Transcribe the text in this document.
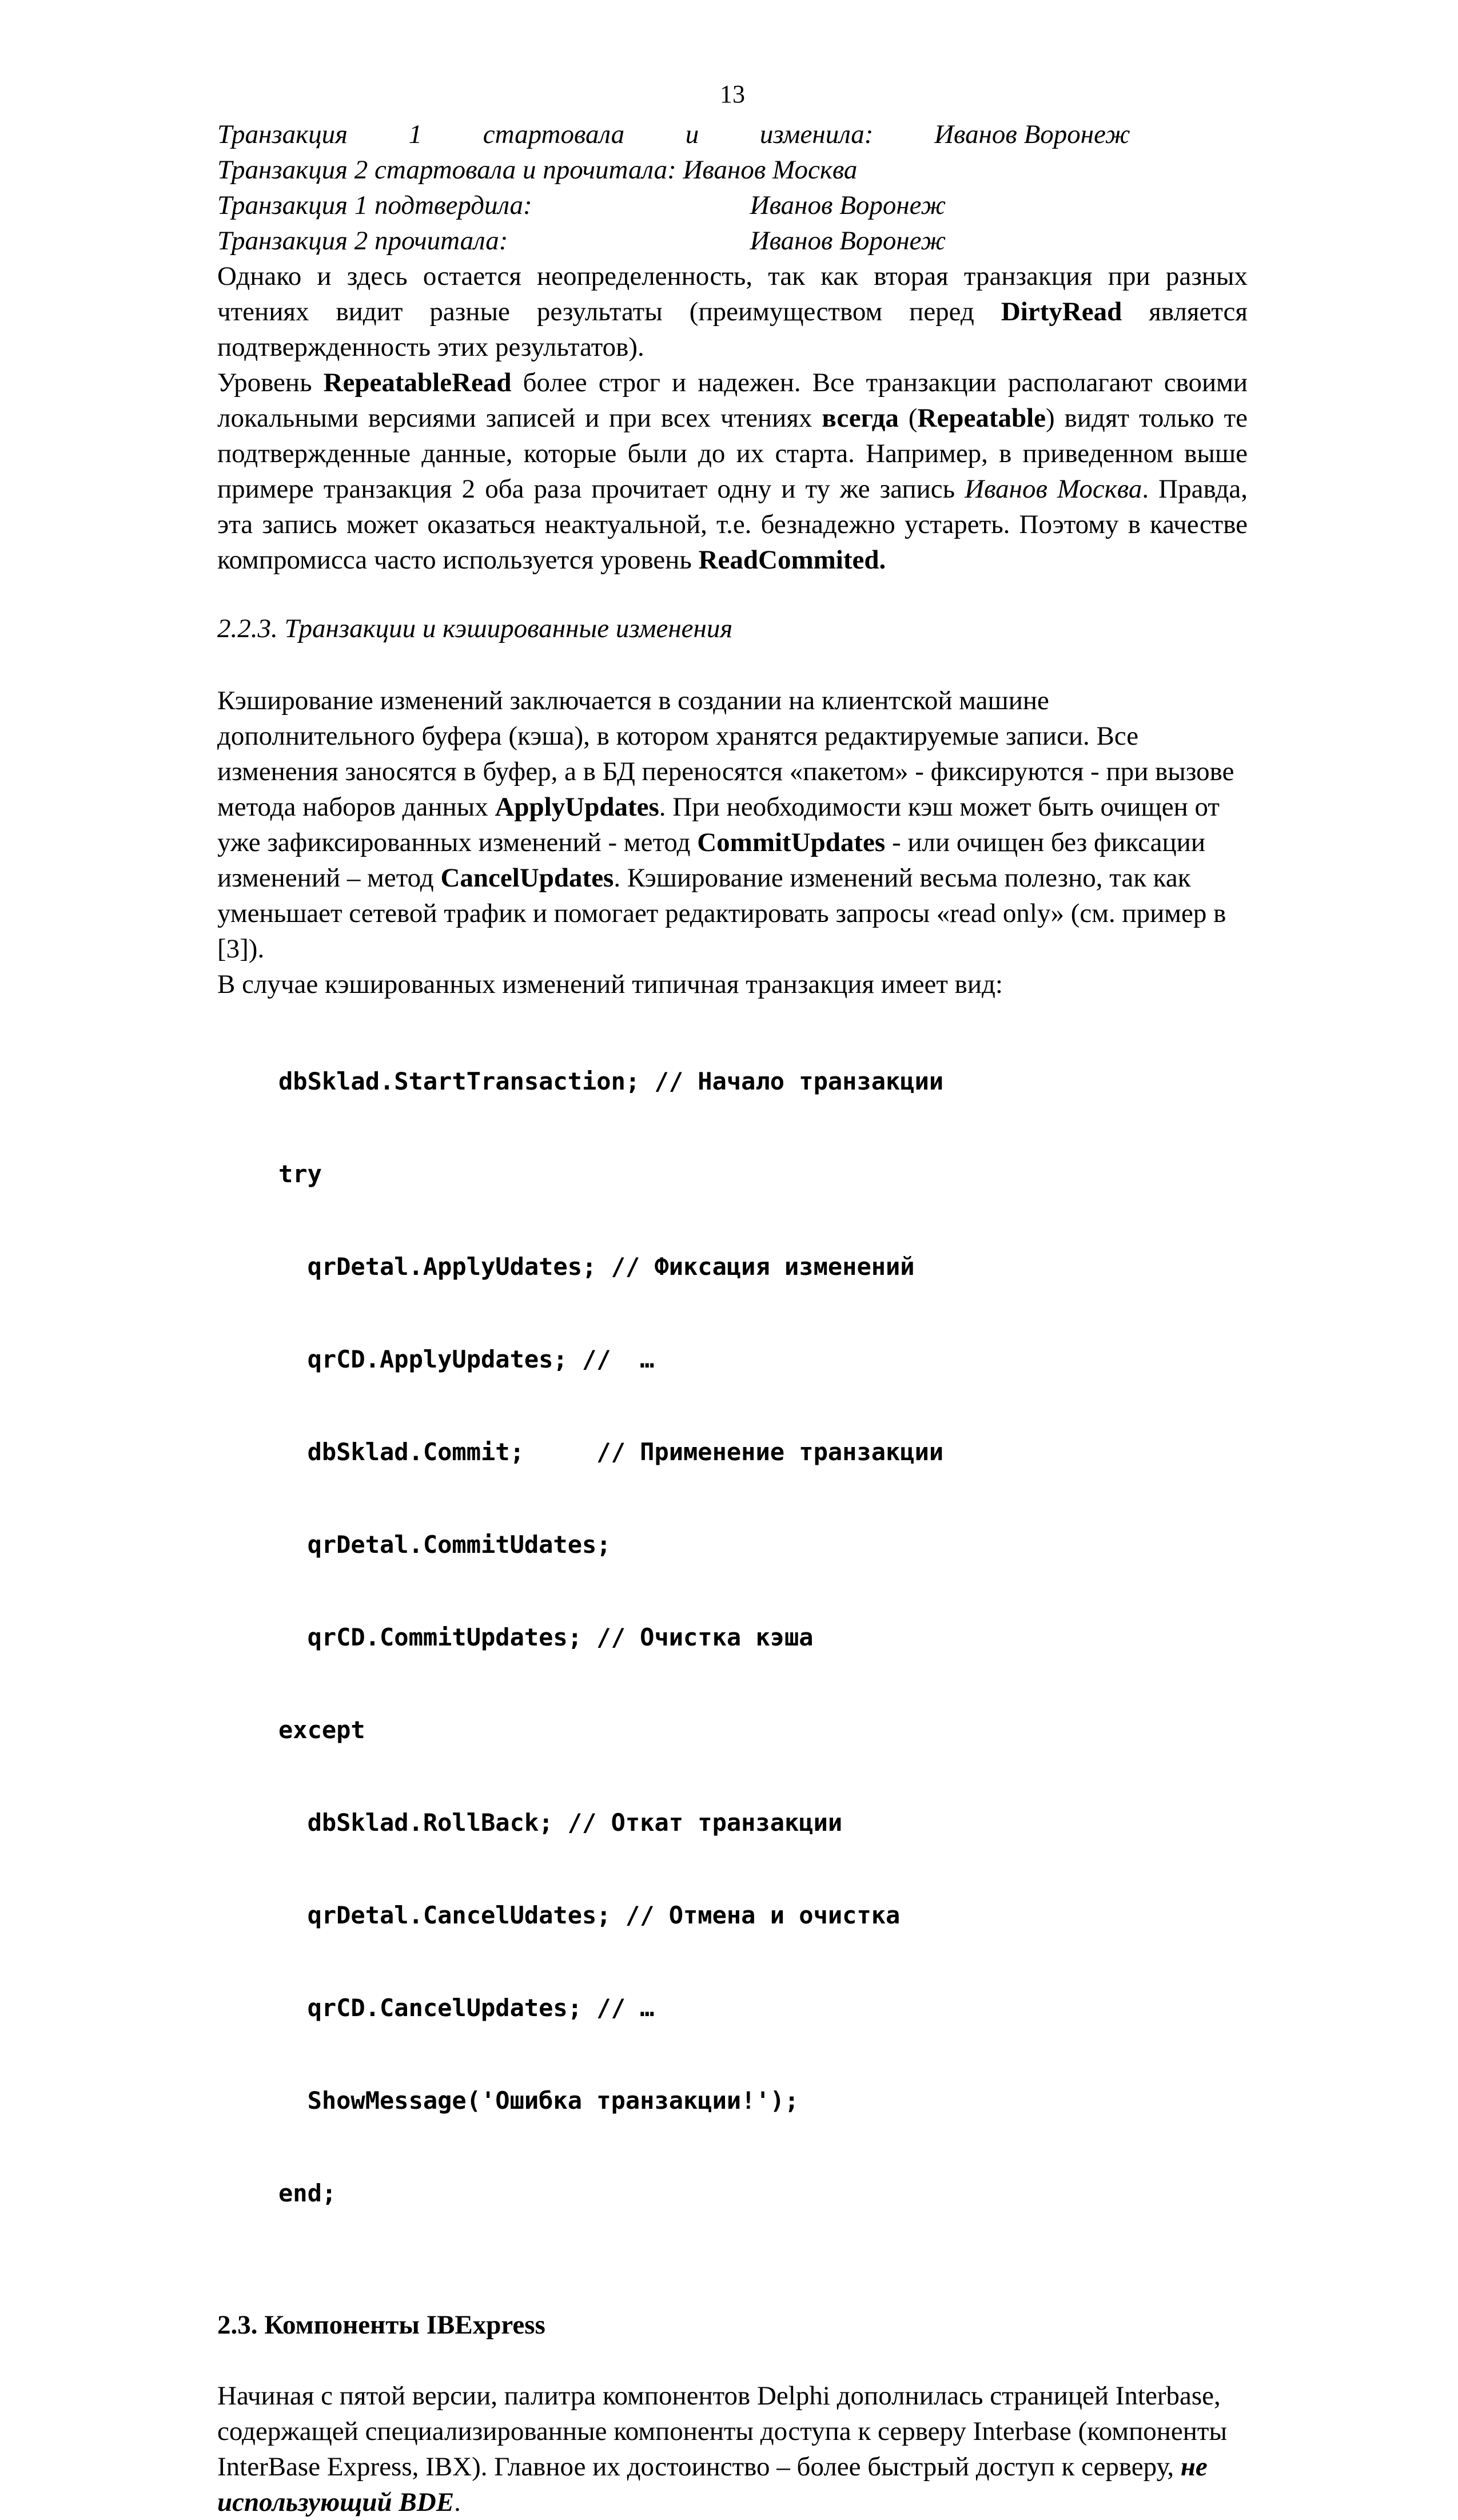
13
Транзакция 1 стартовала и изменила: Иванов Воронеж
Транзакция 2 стартовала и прочитала: Иванов Москва
Транзакция 1 подтвердила:	Иванов Воронеж
Транзакция 2 прочитала:	Иванов Воронеж

Однако и здесь остается неопределенность, так как вторая транзакция при разных чтениях видит разные результаты (преимуществом перед DirtyRead является подтвержденность этих результатов).

Уровень RepeatableRead более строг и надежен. Все транзакции располагают своими локальными версиями записей и при всех чтениях всегда (Repeatable) видят только те подтвержденные данные, которые были до их старта. Например, в приведенном выше примере транзакция 2 оба раза прочитает одну и ту же запись Иванов Москва. Правда, эта запись может оказаться неактуальной, т.е. безнадежно устареть. Поэтому в качестве компромисса часто используется уровень ReadCommited.

2.2.3. Транзакции и кэшированные изменения

Кэширование изменений заключается в создании на клиентской машине дополнительного буфера (кэша), в котором хранятся редактируемые записи. Все изменения заносятся в буфер, а в БД переносятся «пакетом» - фиксируются - при вызове метода наборов данных ApplyUpdates. При необходимости кэш может быть очищен от уже зафиксированных изменений - метод CommitUpdates - или очищен без фиксации изменений – метод CancelUpdates. Кэширование изменений весьма полезно, так как уменьшает сетевой трафик и помогает редактировать запросы «read only» (см. пример в [3]).

В случае кэшированных изменений типичная транзакция имеет вид:

dbSklad.StartTransaction; // Начало транзакции

try

qrDetal.ApplyUdates; // Фиксация изменений

qrCD.ApplyUpdates; //  …

dbSklad.Commit;     // Применение транзакции

qrDetal.CommitUdates;

qrCD.CommitUpdates; // Очистка кэша

except

dbSklad.RollBack; // Откат транзакции

qrDetal.CancelUdates; // Отмена и очистка

qrCD.CancelUpdates; // …

ShowMessage('Ошибка транзакции!');

end;

2.3. Компоненты IBExpress

Начиная с пятой версии, палитра компонентов Delphi дополнилась страницей Interbase, содержащей специализированные компоненты доступа к серверу Interbase (компоненты InterBase Express, IBX). Главное их достоинство – более быстрый доступ к серверу, не использующий BDE.
